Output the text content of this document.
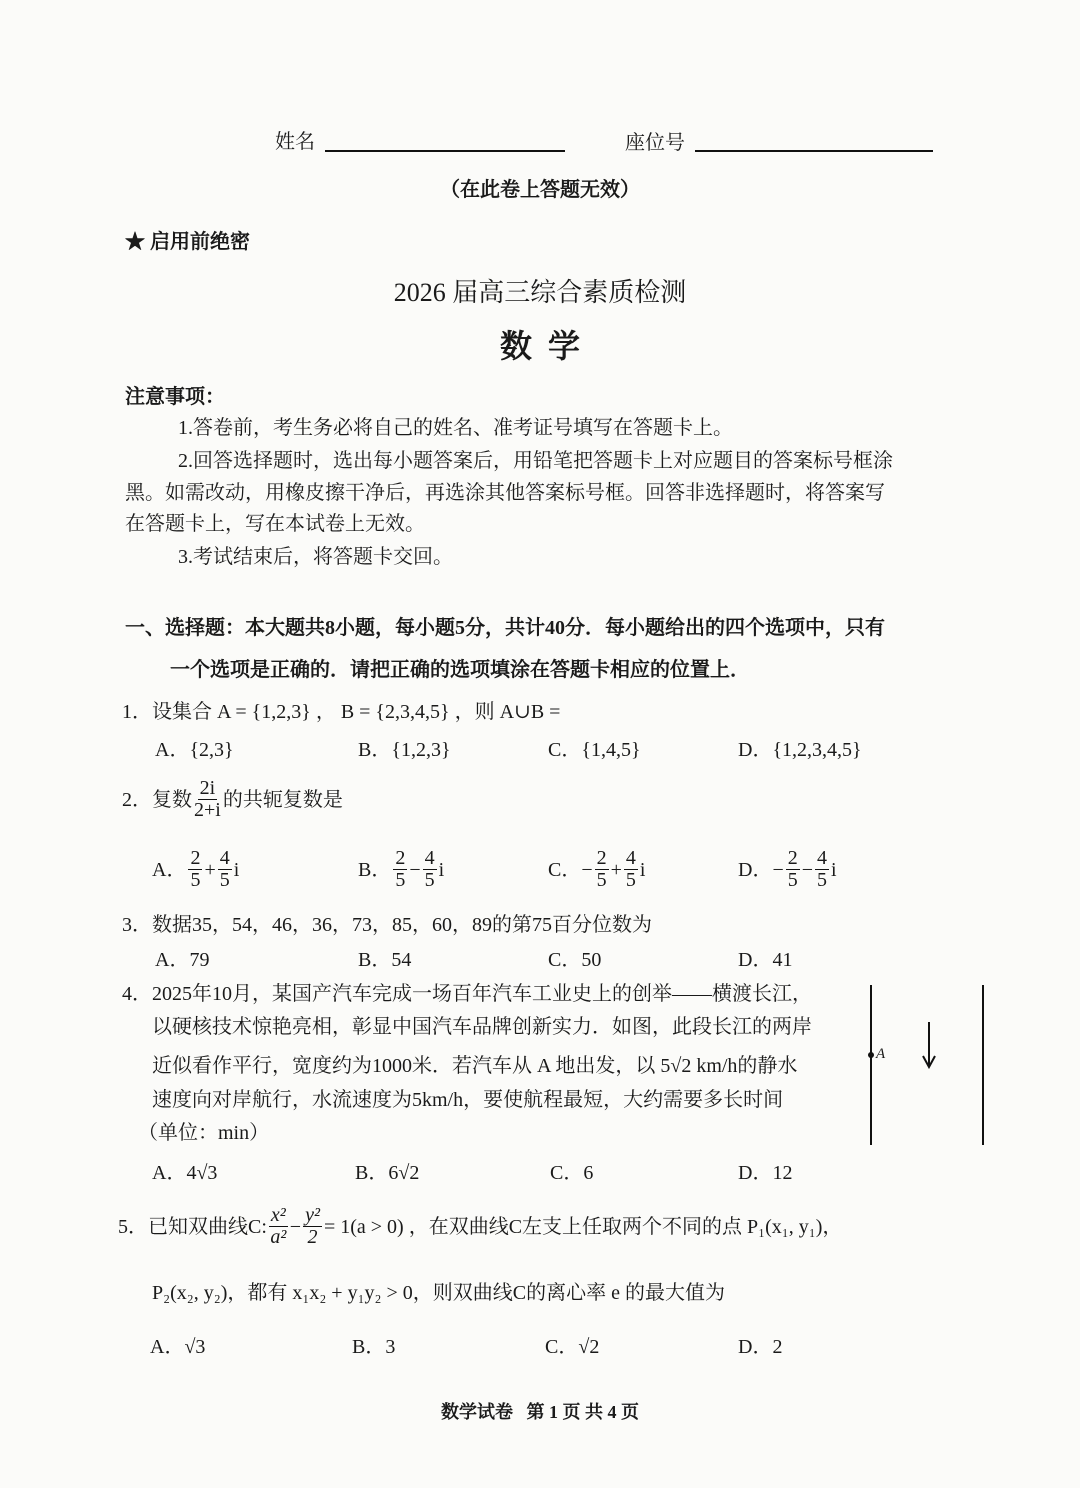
姓名	座位号
（在此卷上答题无效）
★ 启用前绝密
2026 届高三综合素质检测
数  学
注意事项：
1.答卷前，考生务必将自己的姓名、准考证号填写在答题卡上。
2.回答选择题时，选出每小题答案后，用铅笔把答题卡上对应题目的答案标号框涂
黑。如需改动，用橡皮擦干净后，再选涂其他答案标号框。回答非选择题时，将答案写
在答题卡上，写在本试卷上无效。
3.考试结束后，将答题卡交回。
一、选择题：本大题共8小题，每小题5分，共计40分．每小题给出的四个选项中，只有
一个选项是正确的．请把正确的选项填涂在答题卡相应的位置上．
1．设集合 A = {1,2,3} ， B = {2,3,4,5} ，则 A∪B =
A．{2,3}	B．{1,2,3}	C．{1,4,5}	D．{1,2,3,4,5}
2． 复数
2i
2+i 的共轭复数是
A．
2
$5 + \frac{4}{5}$ i	B．
2
$5 - \frac{4}{5}$ i	C． − $\frac{2}{5} + \frac{4}{5}$ i	D． − $\frac{2}{5} - \frac{4}{5}$ i
3．数据35，54，46，36，73，85，60，89的第75百分位数为
A．79	B．54	C．50	D．41
4． 2025年10月，某国产汽车完成一场百年汽车工业史上的创举——横渡长江，
以硬核技术惊艳亮相，彰显中国汽车品牌创新实力．如图，此段长江的两岸
近似看作平行，宽度约为1000米．若汽车从 A 地出发，以 5√2 km/h的静水
速度向对岸航行，水流速度为5km/h，要使航程最短，大约需要多长时间
（单位：min）
A
A．4√3	B．6√2	C．6	D．12
5． 已知双曲线C:
x²
$a^2 - \frac{\text{y²}}{2} = 1(a > 0)$ ，在双曲线C左支上任取两个不同的点 P₁(x₁, y₁)，
P₂(x₂, y₂)，都有 x₁x₂ + y₁y₂ > 0，则双曲线C的离心率 e 的最大值为
A．√3	B．3	C．√2	D．2
数学试卷   第 1 页 共 4 页
